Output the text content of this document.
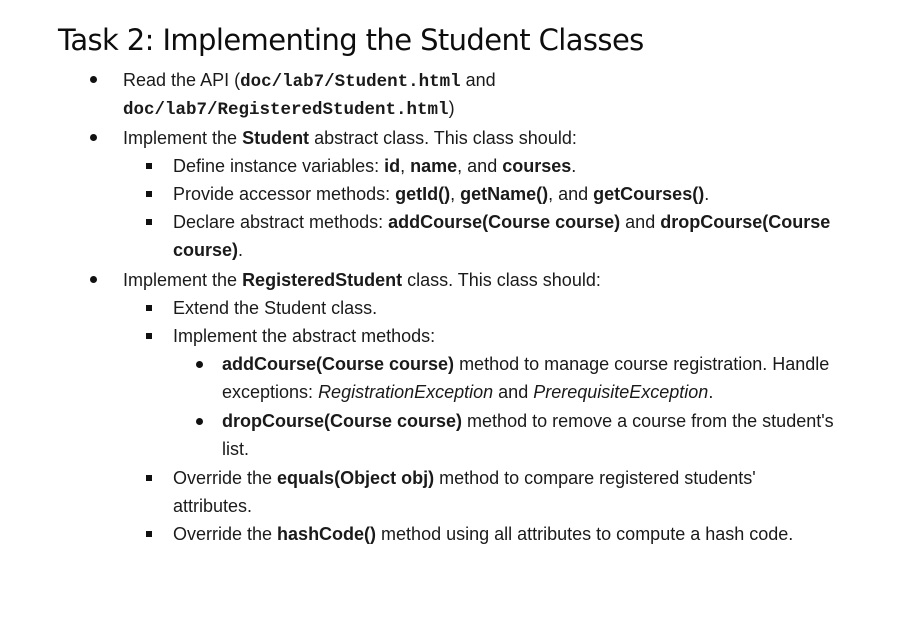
Task 2: Implementing the Student Classes
Read the API (doc/lab7/Student.html and
doc/lab7/RegisteredStudent.html)
Implement the Student abstract class. This class should:
Define instance variables: id, name, and courses.
Provide accessor methods: getId(), getName(), and getCourses().
Declare abstract methods: addCourse(Course course) and dropCourse(Course
course).
Implement the RegisteredStudent class. This class should:
Extend the Student class.
Implement the abstract methods:
addCourse(Course course) method to manage course registration. Handle
exceptions: RegistrationException and PrerequisiteException.
dropCourse(Course course) method to remove a course from the student's
list.
Override the equals(Object obj) method to compare registered students'
attributes.
Override the hashCode() method using all attributes to compute a hash code.
